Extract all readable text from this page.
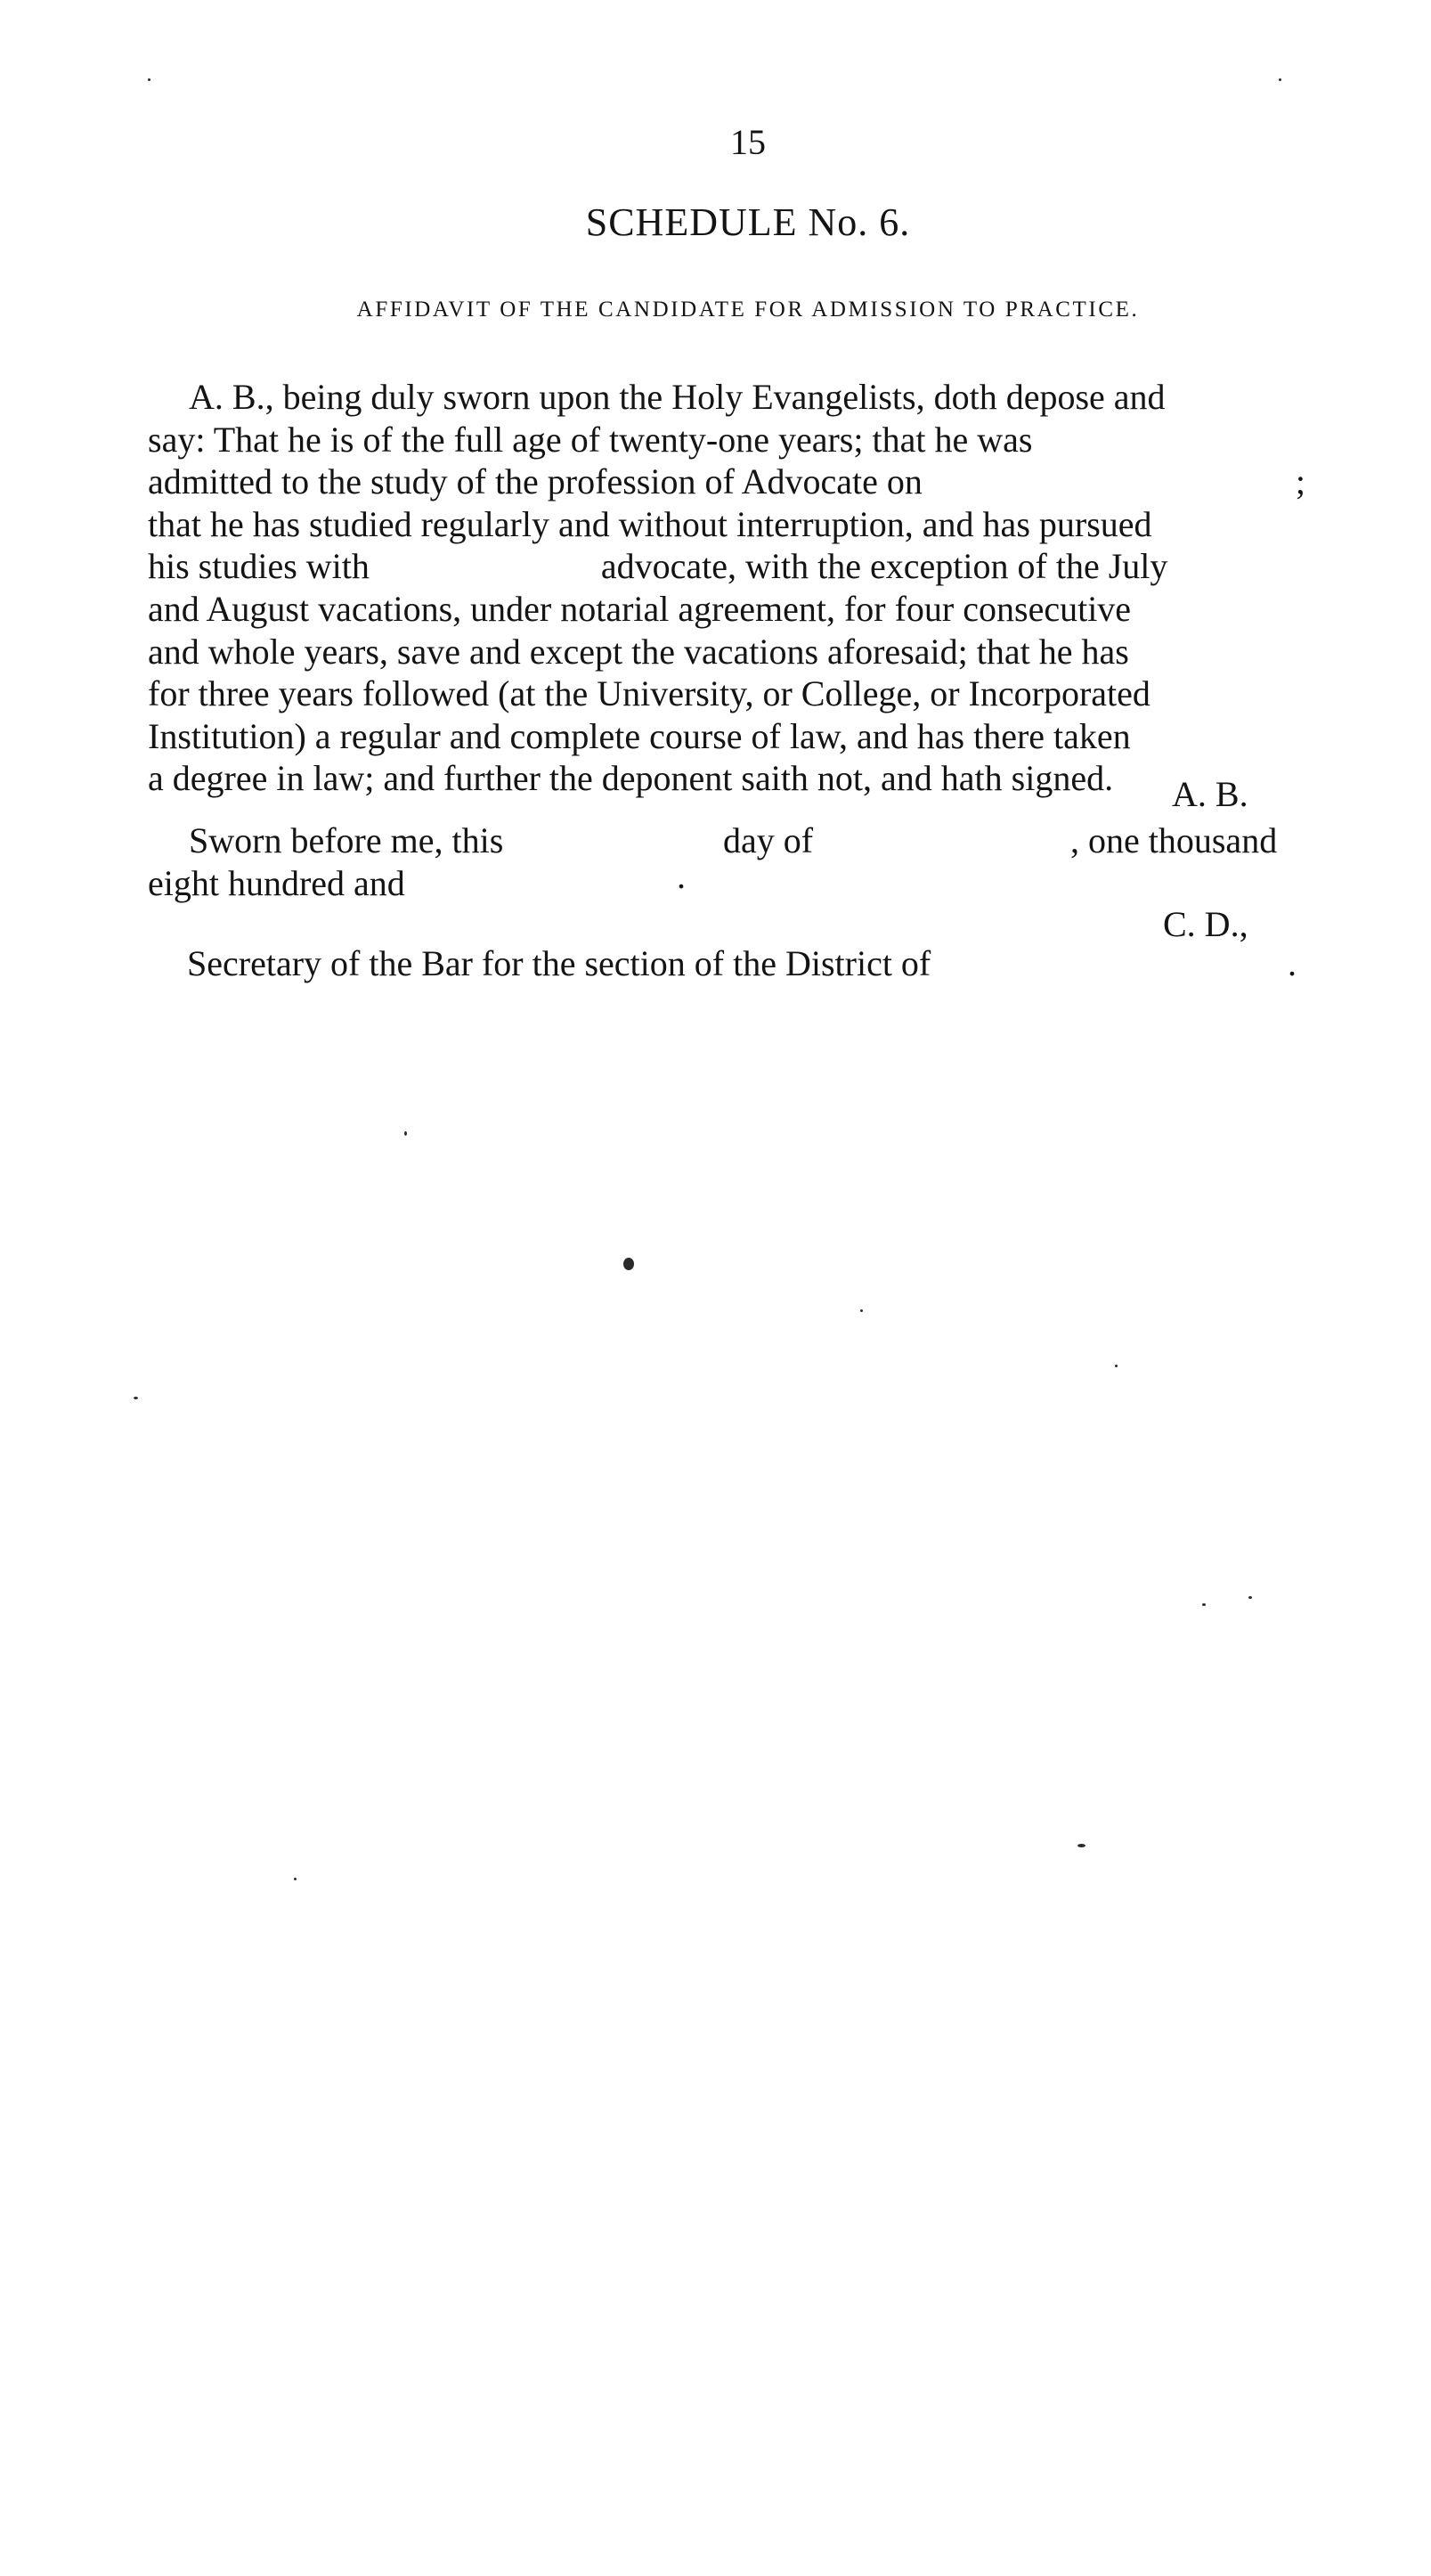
15
SCHEDULE No. 6.
AFFIDAVIT OF THE CANDIDATE FOR ADMISSION TO PRACTICE.
A. B., being duly sworn upon the Holy Evangelists, doth depose and
say: That he is of the full age of twenty-one years; that he was
admitted to the study of the profession of Advocate on	;
that he has studied regularly and without interruption, and has pursued
his studies with	advocate, with the exception of the July
and August vacations, under notarial agreement, for four consecutive
and whole years, save and except the vacations aforesaid; that he has
for three years followed (at the University, or College, or Incorporated
Institution) a regular and complete course of law, and has there taken
a degree in law; and further the deponent saith not, and hath signed. A. B.
Sworn before me, this	day of	, one thousand
eight hundred and	.
C. D.,
Secretary of the Bar for the section of the District of	.
